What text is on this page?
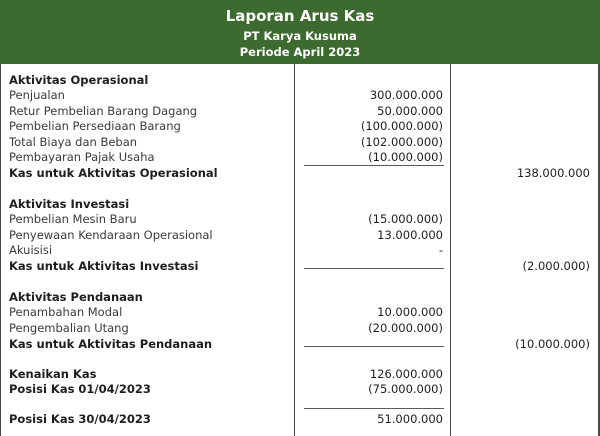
Laporan Arus Kas
PT Karya Kusuma
Periode April 2023
Aktivitas Operasional
Penjualan	300.000.000
Retur Pembelian Barang Dagang	50.000.000
Pembelian Persediaan Barang	(100.000.000)
Total Biaya dan Beban	(102.000.000)
Pembayaran Pajak Usaha	(10.000.000)
Kas untuk Aktivitas Operasional	138.000.000
Aktivitas Investasi
Pembelian Mesin Baru	(15.000.000)
Penyewaan Kendaraan Operasional	13.000.000
Akuisisi	-
Kas untuk Aktivitas Investasi	(2.000.000)
Aktivitas Pendanaan
Penambahan Modal	10.000.000
Pengembalian Utang	(20.000.000)
Kas untuk Aktivitas Pendanaan	(10.000.000)
Kenaikan Kas	126.000.000
Posisi Kas 01/04/2023	(75.000.000)
Posisi Kas 30/04/2023	51.000.000
